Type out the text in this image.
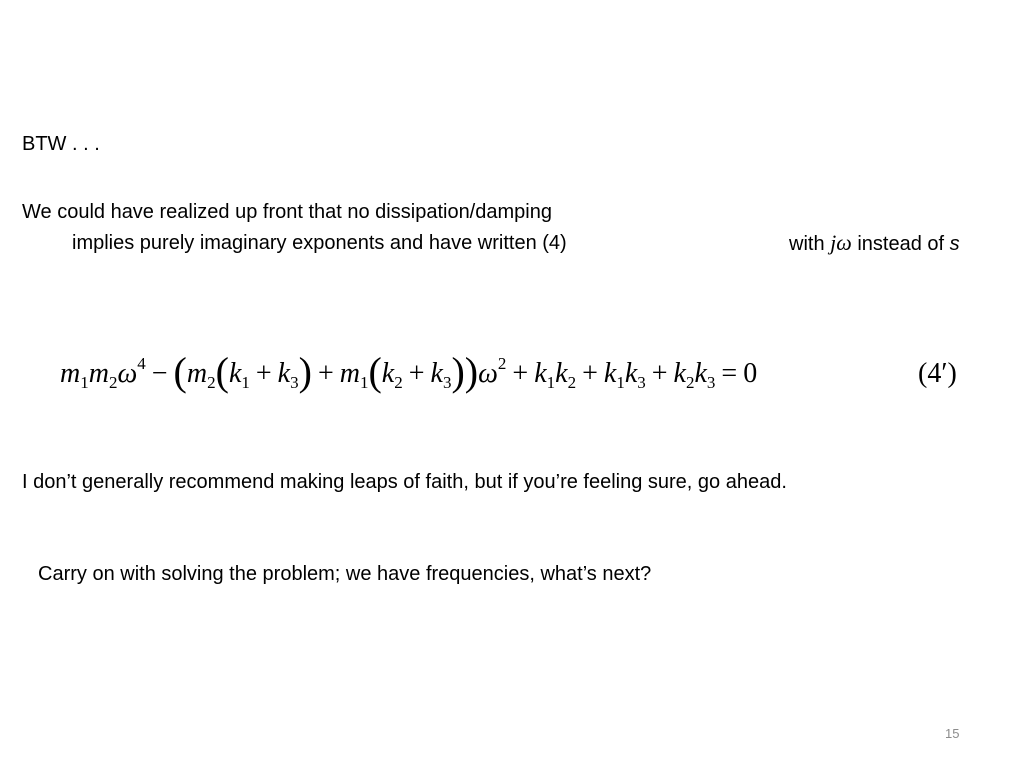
BTW . . .
We could have realized up front that no dissipation/damping
implies purely imaginary exponents and have written (4)	with jω instead of s
$m_1m_2\omega^4 - (m_2(k_1 + k_3) + m_1(k_2 + k_3))\omega^2 + k_1k_2 + k_1k_3 + k_2k_3 = 0$	(4′)
I don’t generally recommend making leaps of faith, but if you’re feeling sure, go ahead.
Carry on with solving the problem; we have frequencies, what’s next?
15
